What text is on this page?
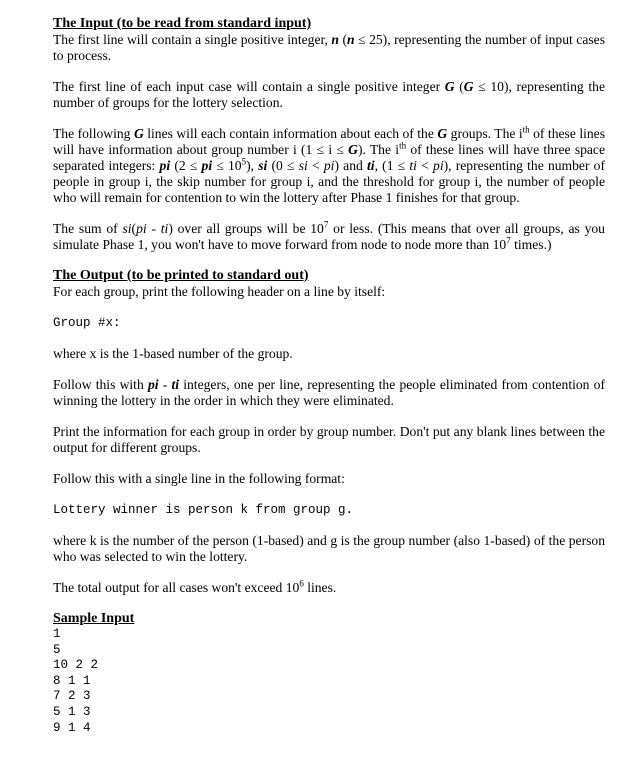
The Input (to be read from standard input)

The first line will contain a single positive integer, n (n ≤ 25), representing the number of input cases to process.

The first line of each input case will contain a single positive integer G (G ≤ 10), representing the number of groups for the lottery selection.

The following G lines will each contain information about each of the G groups. The $i^{th}$ of these lines will have information about group number i (1 ≤ i ≤ G). The $i^{th}$ of these lines will have three space separated integers: pi (2 ≤ pi ≤ $10^5$), si (0 ≤ si < pi) and ti, (1 ≤ ti < pi), representing the number of people in group i, the skip number for group i, and the threshold for group i, the number of people who will remain for contention to win the lottery after Phase 1 finishes for that group.

The sum of si(pi - ti) over all groups will be $10^7$ or less. (This means that over all groups, as you simulate Phase 1, you won't have to move forward from node to node more than $10^7$ times.)

The Output (to be printed to standard out)

For each group, print the following header on a line by itself:

Group #x:

where x is the 1-based number of the group.

Follow this with pi - ti integers, one per line, representing the people eliminated from contention of winning the lottery in the order in which they were eliminated.

Print the information for each group in order by group number. Don't put any blank lines between the output for different groups.

Follow this with a single line in the following format:

Lottery winner is person k from group g.

where k is the number of the person (1-based) and g is the group number (also 1-based) of the person who was selected to win the lottery.

The total output for all cases won't exceed $10^6$ lines.

Sample Input
1
5
10 2 2
8 1 1
7 2 3
5 1 3
9 1 4
